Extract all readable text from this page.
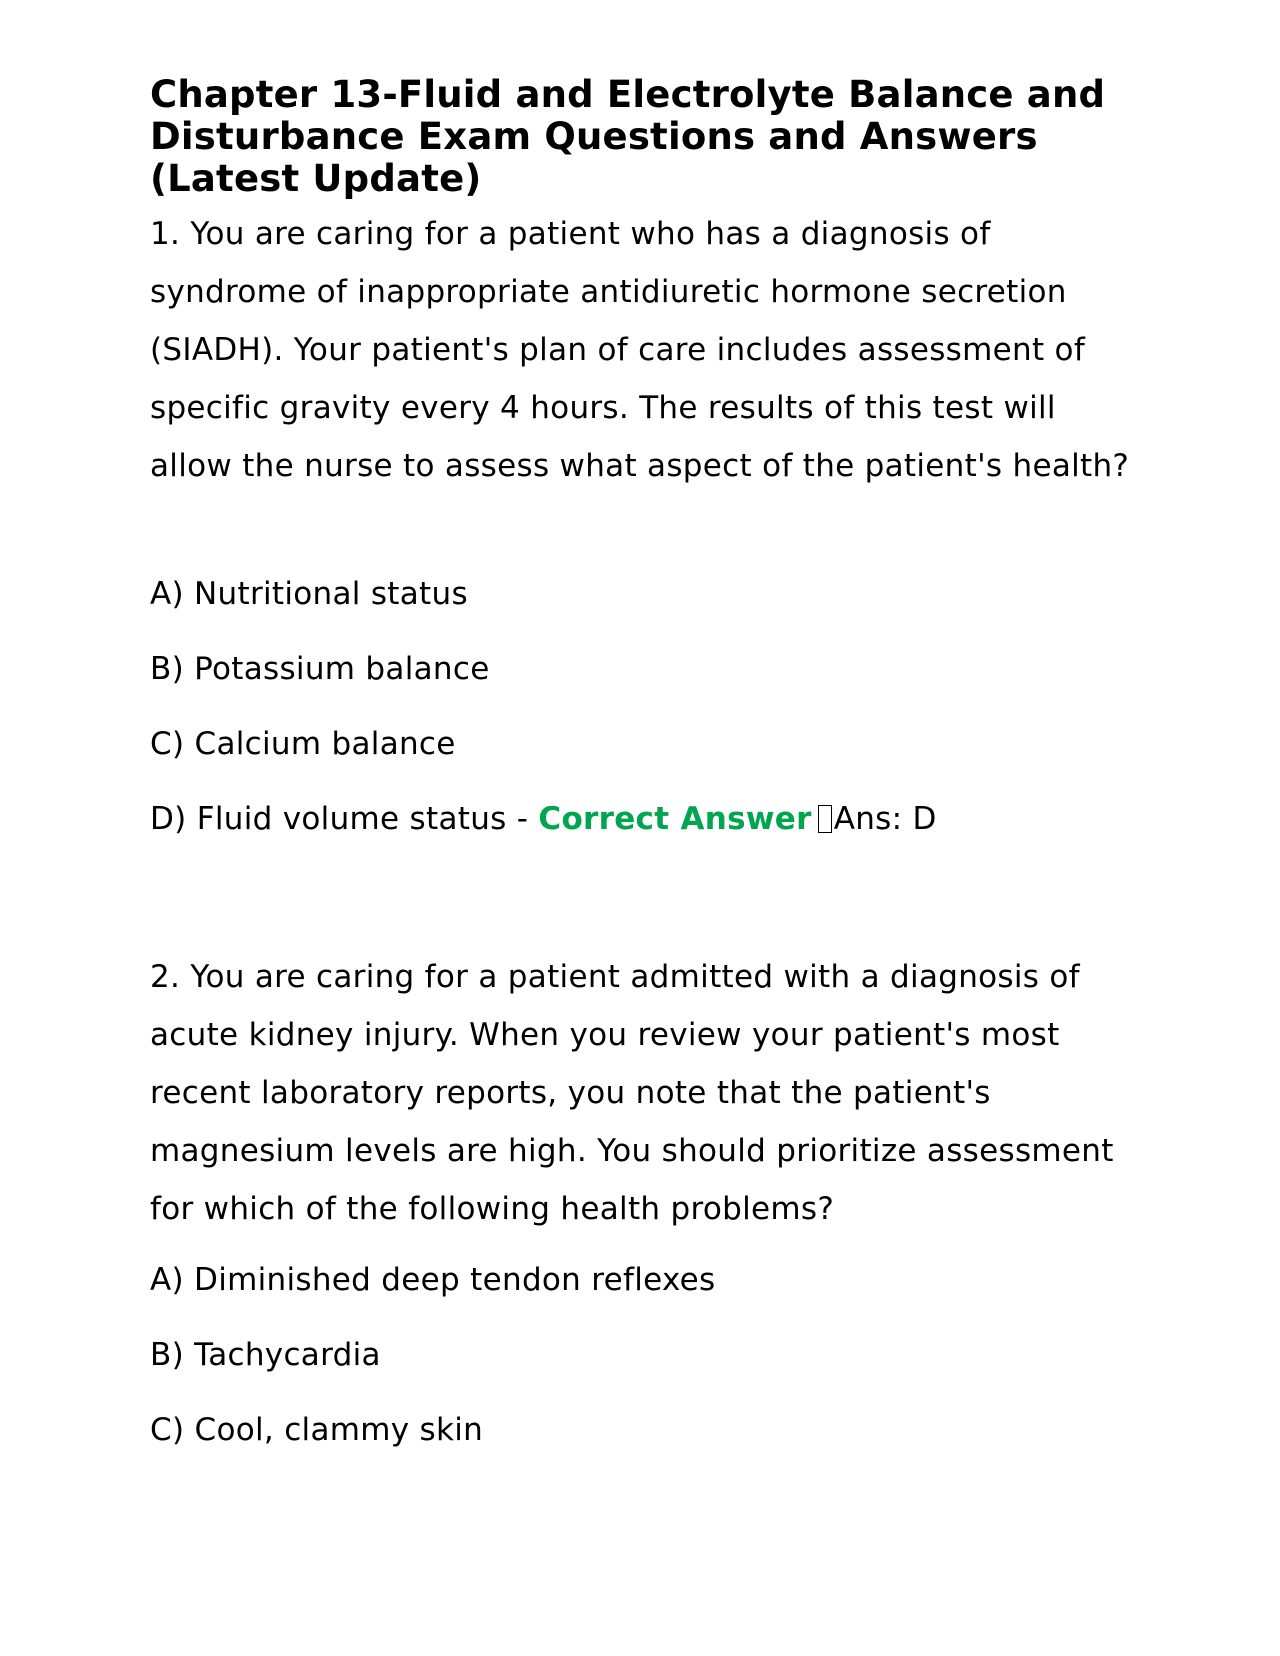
Chapter 13-Fluid and Electrolyte Balance and Disturbance Exam Questions and Answers (Latest Update)

1. You are caring for a patient who has a diagnosis of syndrome of inappropriate antidiuretic hormone secretion (SIADH). Your patient's plan of care includes assessment of specific gravity every 4 hours. The results of this test will allow the nurse to assess what aspect of the patient's health?

A) Nutritional status

B) Potassium balance

C) Calcium balance

D) Fluid volume status - Correct Answer Ans: D

2. You are caring for a patient admitted with a diagnosis of acute kidney injury. When you review your patient's most recent laboratory reports, you note that the patient's magnesium levels are high. You should prioritize assessment for which of the following health problems?

A) Diminished deep tendon reflexes

B) Tachycardia

C) Cool, clammy skin
